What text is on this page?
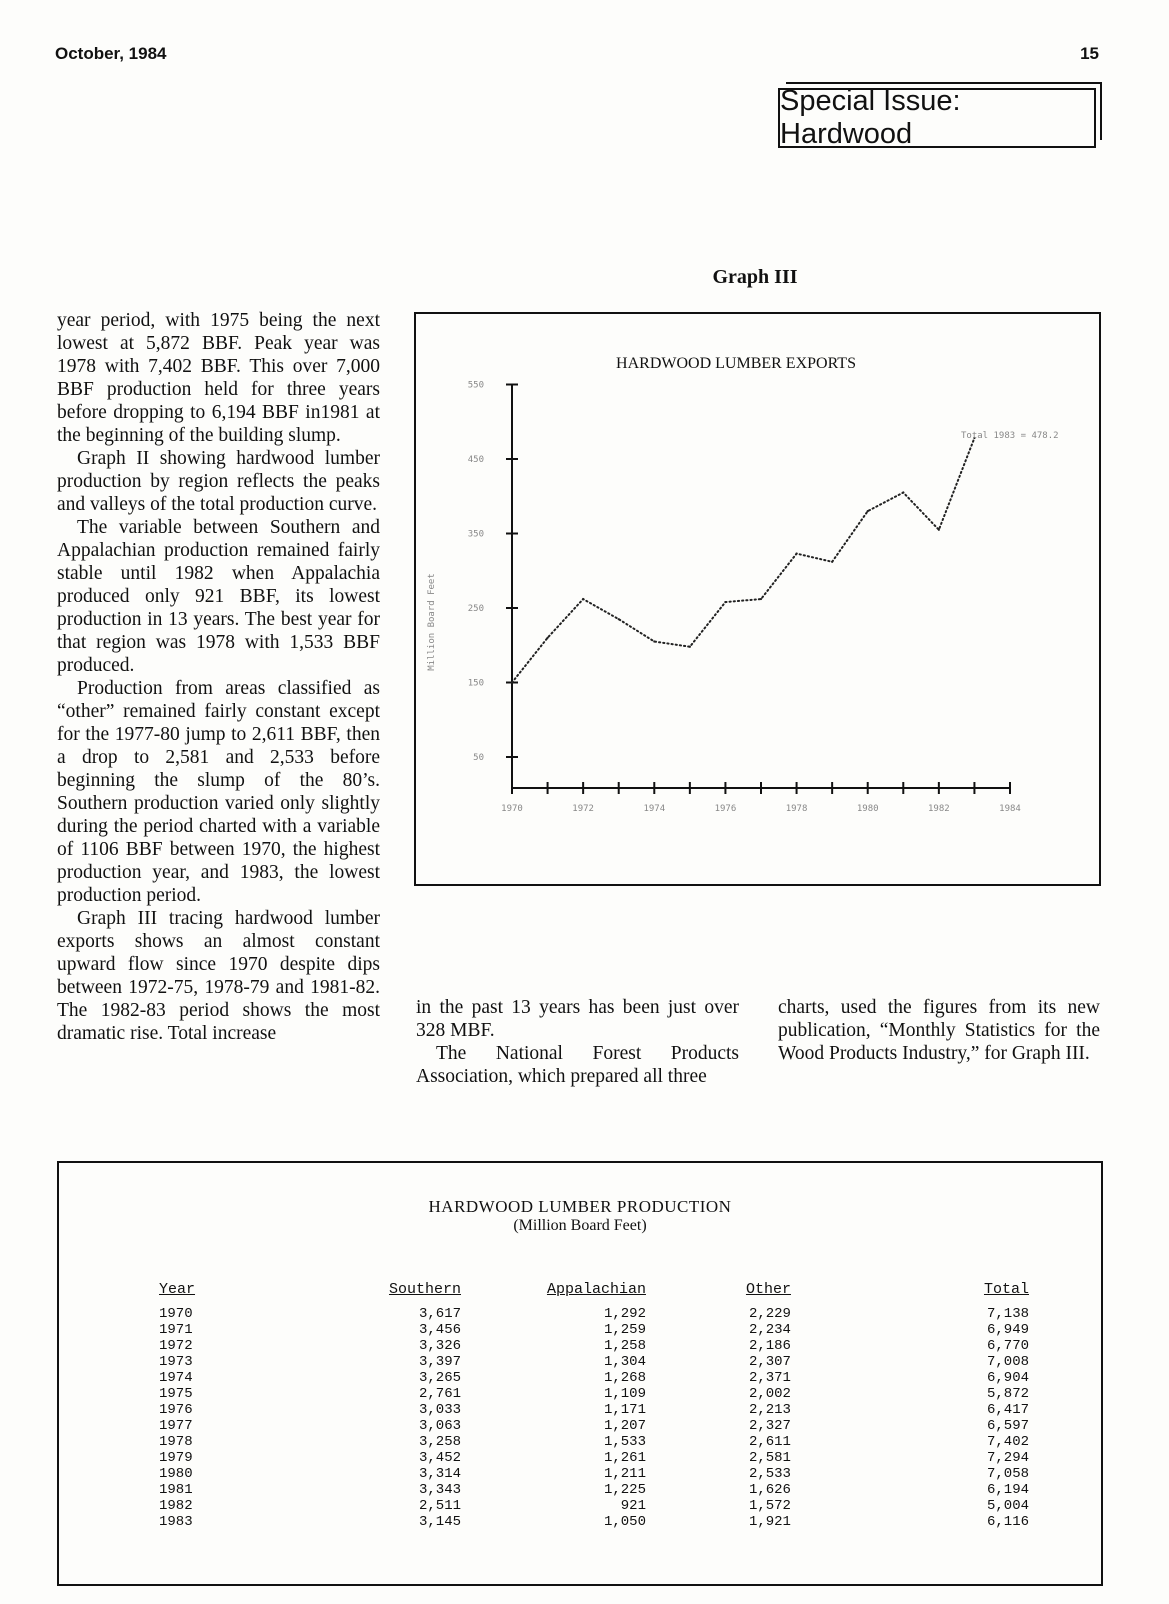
October, 1984	15
Special Issue: Hardwood
Graph III

year period, with 1975 being the next lowest at 5,872 BBF. Peak year was 1978 with 7,402 BBF. This over 7,000 BBF production held for three years before dropping to 6,194 BBF in1981 at the beginning of the building slump.

Graph II showing hardwood lumber production by region reflects the peaks and valleys of the total production curve.

The variable between Southern and Appalachian production remained fairly stable until 1982 when Appalachia produced only 921 BBF, its lowest production in 13 years. The best year for that region was 1978 with 1,533 BBF produced.

Production from areas classified as “other” remained fairly constant except for the 1977-80 jump to 2,611 BBF, then a drop to 2,581 and 2,533 before beginning the slump of the 80’s. Southern production varied only slightly during the period charted with a variable of 1106 BBF between 1970, the highest production year, and 1983, the lowest production period.

Graph III tracing hardwood lumber exports shows an almost constant upward flow since 1970 despite dips between 1972-75, 1978-79 and 1981-82. The 1982-83 period shows the most dramatic rise. Total increase

HARDWOOD LUMBER EXPORTS
550
450
350
250
150
50
1970	1972	1974	1976	1978	1980	1982	1984
Million Board Feet
Total 1983 = 478.2

in the past 13 years has been just over 328 MBF.

The National Forest Products Association, which prepared all three

charts, used the figures from its new publication, “Monthly Statistics for the Wood Products Industry,” for Graph III.

HARDWOOD LUMBER PRODUCTION
(Million Board Feet)
Year	Southern	Appalachian	Other	Total
1970	3,617	1,292	2,229	7,138
1971	3,456	1,259	2,234	6,949
1972	3,326	1,258	2,186	6,770
1973	3,397	1,304	2,307	7,008
1974	3,265	1,268	2,371	6,904
1975	2,761	1,109	2,002	5,872
1976	3,033	1,171	2,213	6,417
1977	3,063	1,207	2,327	6,597
1978	3,258	1,533	2,611	7,402
1979	3,452	1,261	2,581	7,294
1980	3,314	1,211	2,533	7,058
1981	3,343	1,225	1,626	6,194
1982	2,511	921	1,572	5,004
1983	3,145	1,050	1,921	6,116
